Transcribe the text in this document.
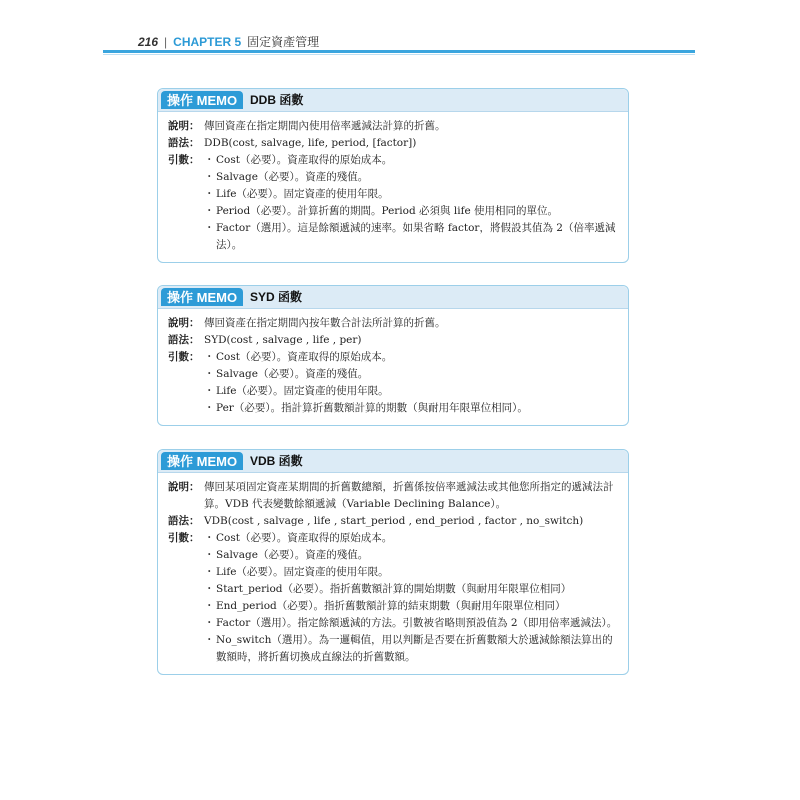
216 | CHAPTER 5 固定資產管理
操作 MEMO	DDB 函數
說明： 傳回資產在指定期間內使用倍率遞減法計算的折舊。
語法： DDB(cost, salvage, life, period, [factor])
引數：	・ Cost（必要）。資產取得的原始成本。
・ Salvage（必要）。資產的殘值。
・ Life（必要）。固定資產的使用年限。
・ Period（必要）。計算折舊的期間。Period 必須與 life 使用相同的單位。
・ Factor（選用）。這是餘額遞減的速率。如果省略 factor，將假設其值為 2（倍率遞減法）。
操作 MEMO	SYD 函數
說明： 傳回資產在指定期間內按年數合計法所計算的折舊。
語法： SYD(cost , salvage , life , per)
引數：	・ Cost（必要）。資產取得的原始成本。
・ Salvage（必要）。資產的殘值。
・ Life（必要）。固定資產的使用年限。
・ Per（必要）。指計算折舊數額計算的期數（與耐用年限單位相同）。
操作 MEMO	VDB 函數
說明： 傳回某項固定資產某期間的折舊數總額，折舊係按倍率遞減法或其他您所指定的遞減法計算。VDB 代表變數餘額遞減（Variable Declining Balance）。
語法： VDB(cost , salvage , life , start_period , end_period , factor , no_switch)
引數：	・ Cost（必要）。資產取得的原始成本。
・ Salvage（必要）。資產的殘值。
・ Life（必要）。固定資產的使用年限。
・ Start_period（必要）。指折舊數額計算的開始期數（與耐用年限單位相同）
・ End_period（必要）。指折舊數額計算的結束期數（與耐用年限單位相同）
・ Factor（選用）。指定餘額遞減的方法。引數被省略則預設值為 2（即用倍率遞減法）。
・ No_switch（選用）。為一邏輯值，用以判斷是否要在折舊數額大於遞減餘額法算出的數額時，將折舊切換成直線法的折舊數額。
